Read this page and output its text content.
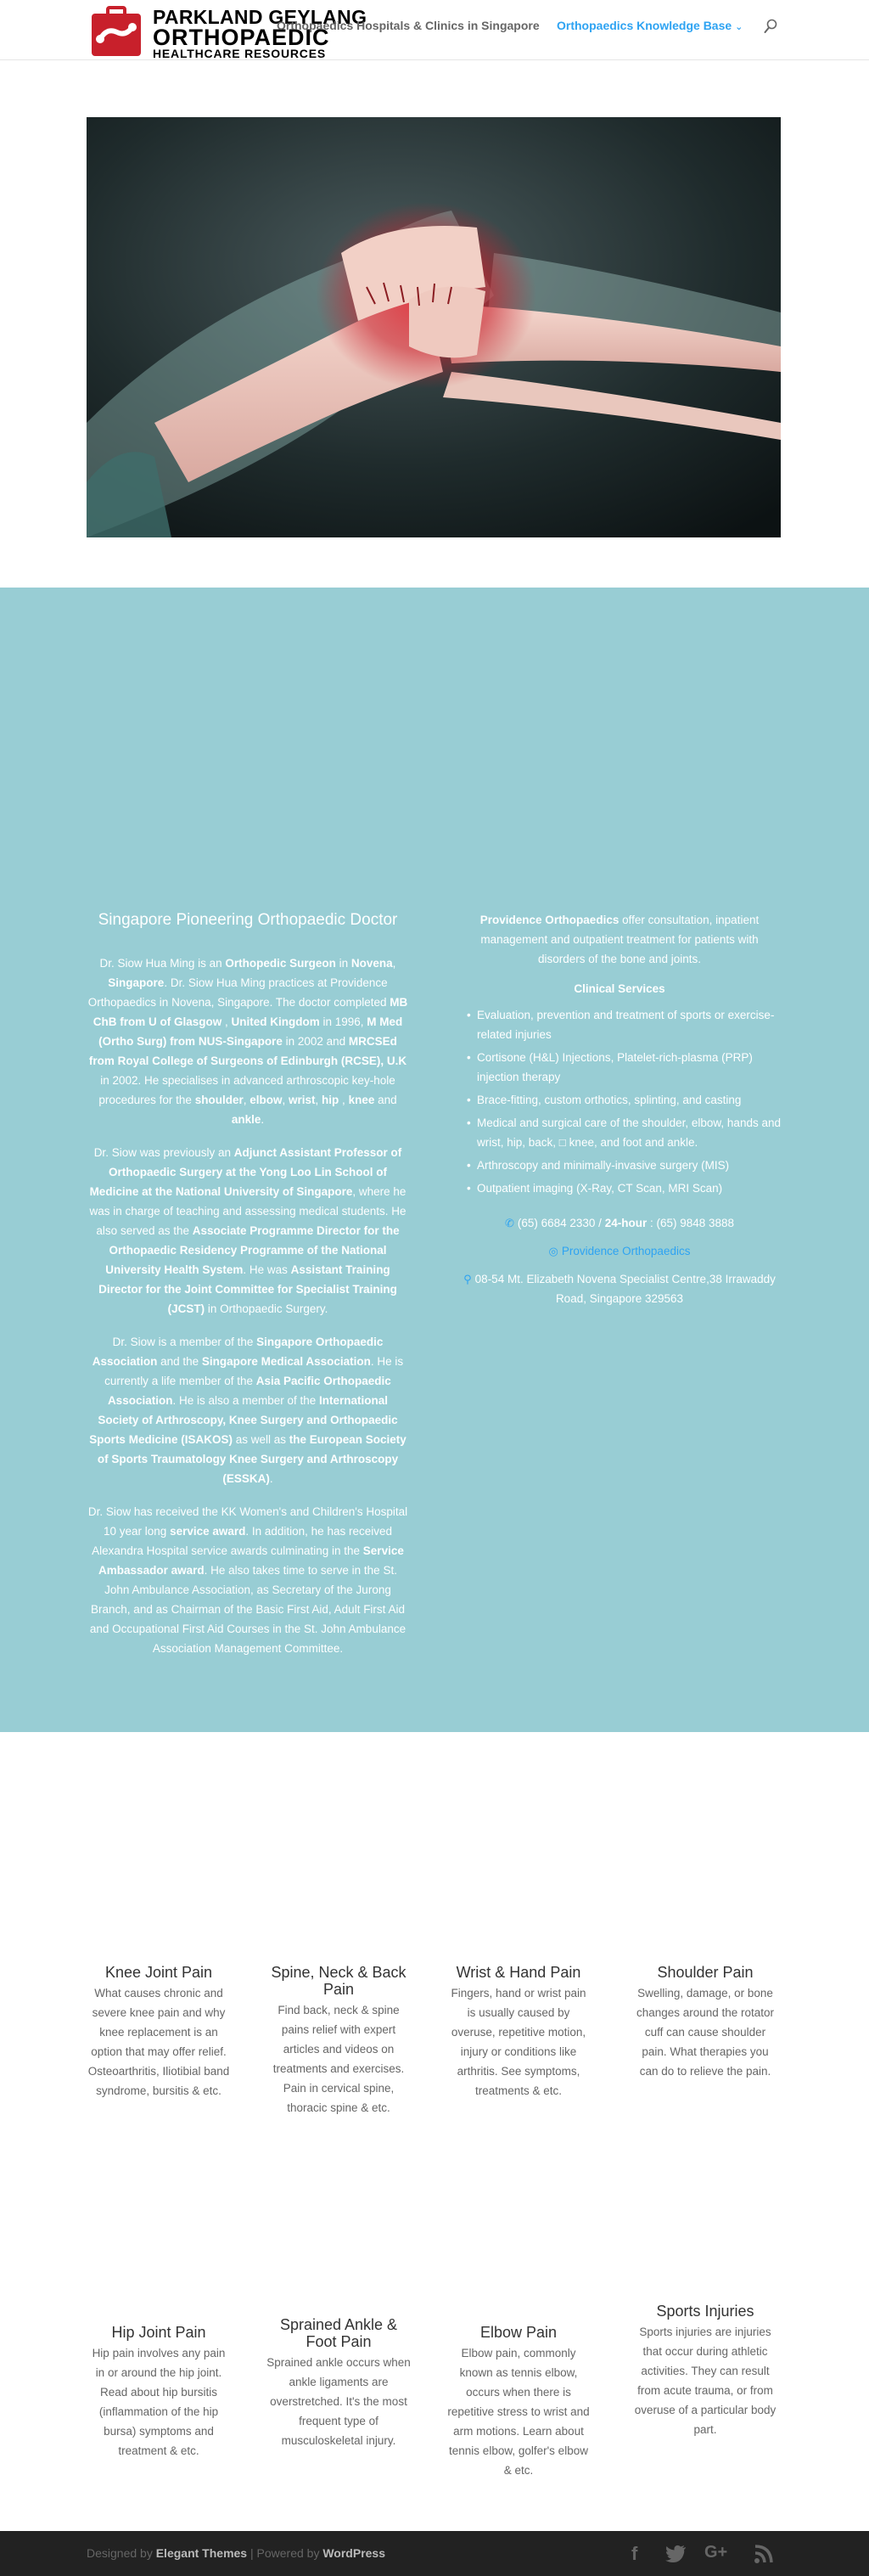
PARKLAND GEYLANG
ORTHOPAEDIC
HEALTHCARE RESOURCES
Orthopaedics Hospitals & Clinics in Singapore Orthopaedics Knowledge Base ⌄
Singapore Pioneering Orthopaedic Doctor

Dr. Siow Hua Ming is an Orthopedic Surgeon in Novena, Singapore. Dr. Siow Hua Ming practices at Providence Orthopaedics in Novena, Singapore. The doctor completed MB ChB from U of Glasgow , United Kingdom in 1996, M Med (Ortho Surg) from NUS-Singapore in 2002 and MRCSEd from Royal College of Surgeons of Edinburgh (RCSE), U.K in 2002. He specialises in advanced arthroscopic key-hole procedures for the shoulder, elbow, wrist, hip , knee and ankle.

Dr. Siow was previously an Adjunct Assistant Professor of Orthopaedic Surgery at the Yong Loo Lin School of Medicine at the National University of Singapore, where he was in charge of teaching and assessing medical students. He also served as the Associate Programme Director for the Orthopaedic Residency Programme of the National University Health System. He was Assistant Training Director for the Joint Committee for Specialist Training (JCST) in Orthopaedic Surgery.

Dr. Siow is a member of the Singapore Orthopaedic Association and the Singapore Medical Association. He is currently a life member of the Asia Pacific Orthopaedic Association. He is also a member of the International Society of Arthroscopy, Knee Surgery and Orthopaedic Sports Medicine (ISAKOS) as well as the European Society of Sports Traumatology Knee Surgery and Arthroscopy (ESSKA).

Dr. Siow has received the KK Women's and Children's Hospital 10 year long service award. In addition, he has received Alexandra Hospital service awards culminating in the Service Ambassador award. He also takes time to serve in the St. John Ambulance Association, as Secretary of the Jurong Branch, and as Chairman of the Basic First Aid, Adult First Aid and Occupational First Aid Courses in the St. John Ambulance Association Management Committee.

Providence Orthopaedics offer consultation, inpatient management and outpatient treatment for patients with disorders of the bone and joints.
Clinical Services
• Evaluation, prevention and treatment of sports or exercise-related injuries
• Cortisone (H&L) Injections, Platelet-rich-plasma (PRP) injection therapy
• Brace-fitting, custom orthotics, splinting, and casting
• Medical and surgical care of the shoulder, elbow, hands and wrist, hip, back, □ knee, and foot and ankle.
• Arthroscopy and minimally-invasive surgery (MIS)
• Outpatient imaging (X-Ray, CT Scan, MRI Scan)
✆ (65) 6684 2330 / 24-hour : (65) 9848 3888
◎ Providence Orthopaedics
⚲ 08-54 Mt. Elizabeth Novena Specialist Centre,38 Irrawaddy Road, Singapore 329563
Knee Joint Pain

What causes chronic and severe knee pain and why knee replacement is an option that may offer relief. Osteoarthritis, Iliotibial band syndrome, bursitis & etc.

Spine, Neck & Back Pain

Find back, neck & spine pains relief with expert articles and videos on treatments and exercises. Pain in cervical spine, thoracic spine & etc.

Wrist & Hand Pain

Fingers, hand or wrist pain is usually caused by overuse, repetitive motion, injury or conditions like arthritis. See symptoms, treatments & etc.

Shoulder Pain

Swelling, damage, or bone changes around the rotator cuff can cause shoulder pain. What therapies you can do to relieve the pain.

Hip Joint Pain

Hip pain involves any pain in or around the hip joint. Read about hip bursitis (inflammation of the hip bursa) symptoms and treatment & etc.

Sprained Ankle & Foot Pain

Sprained ankle occurs when ankle ligaments are overstretched. It's the most frequent type of musculoskeletal injury.

Elbow Pain

Elbow pain, commonly known as tennis elbow, occurs when there is repetitive stress to wrist and arm motions. Learn about tennis elbow, golfer's elbow & etc.

Sports Injuries

Sports injuries are injuries that occur during athletic activities. They can result from acute trauma, or from overuse of a particular body part.

Designed by Elegant Themes | Powered by WordPress	f	G+
